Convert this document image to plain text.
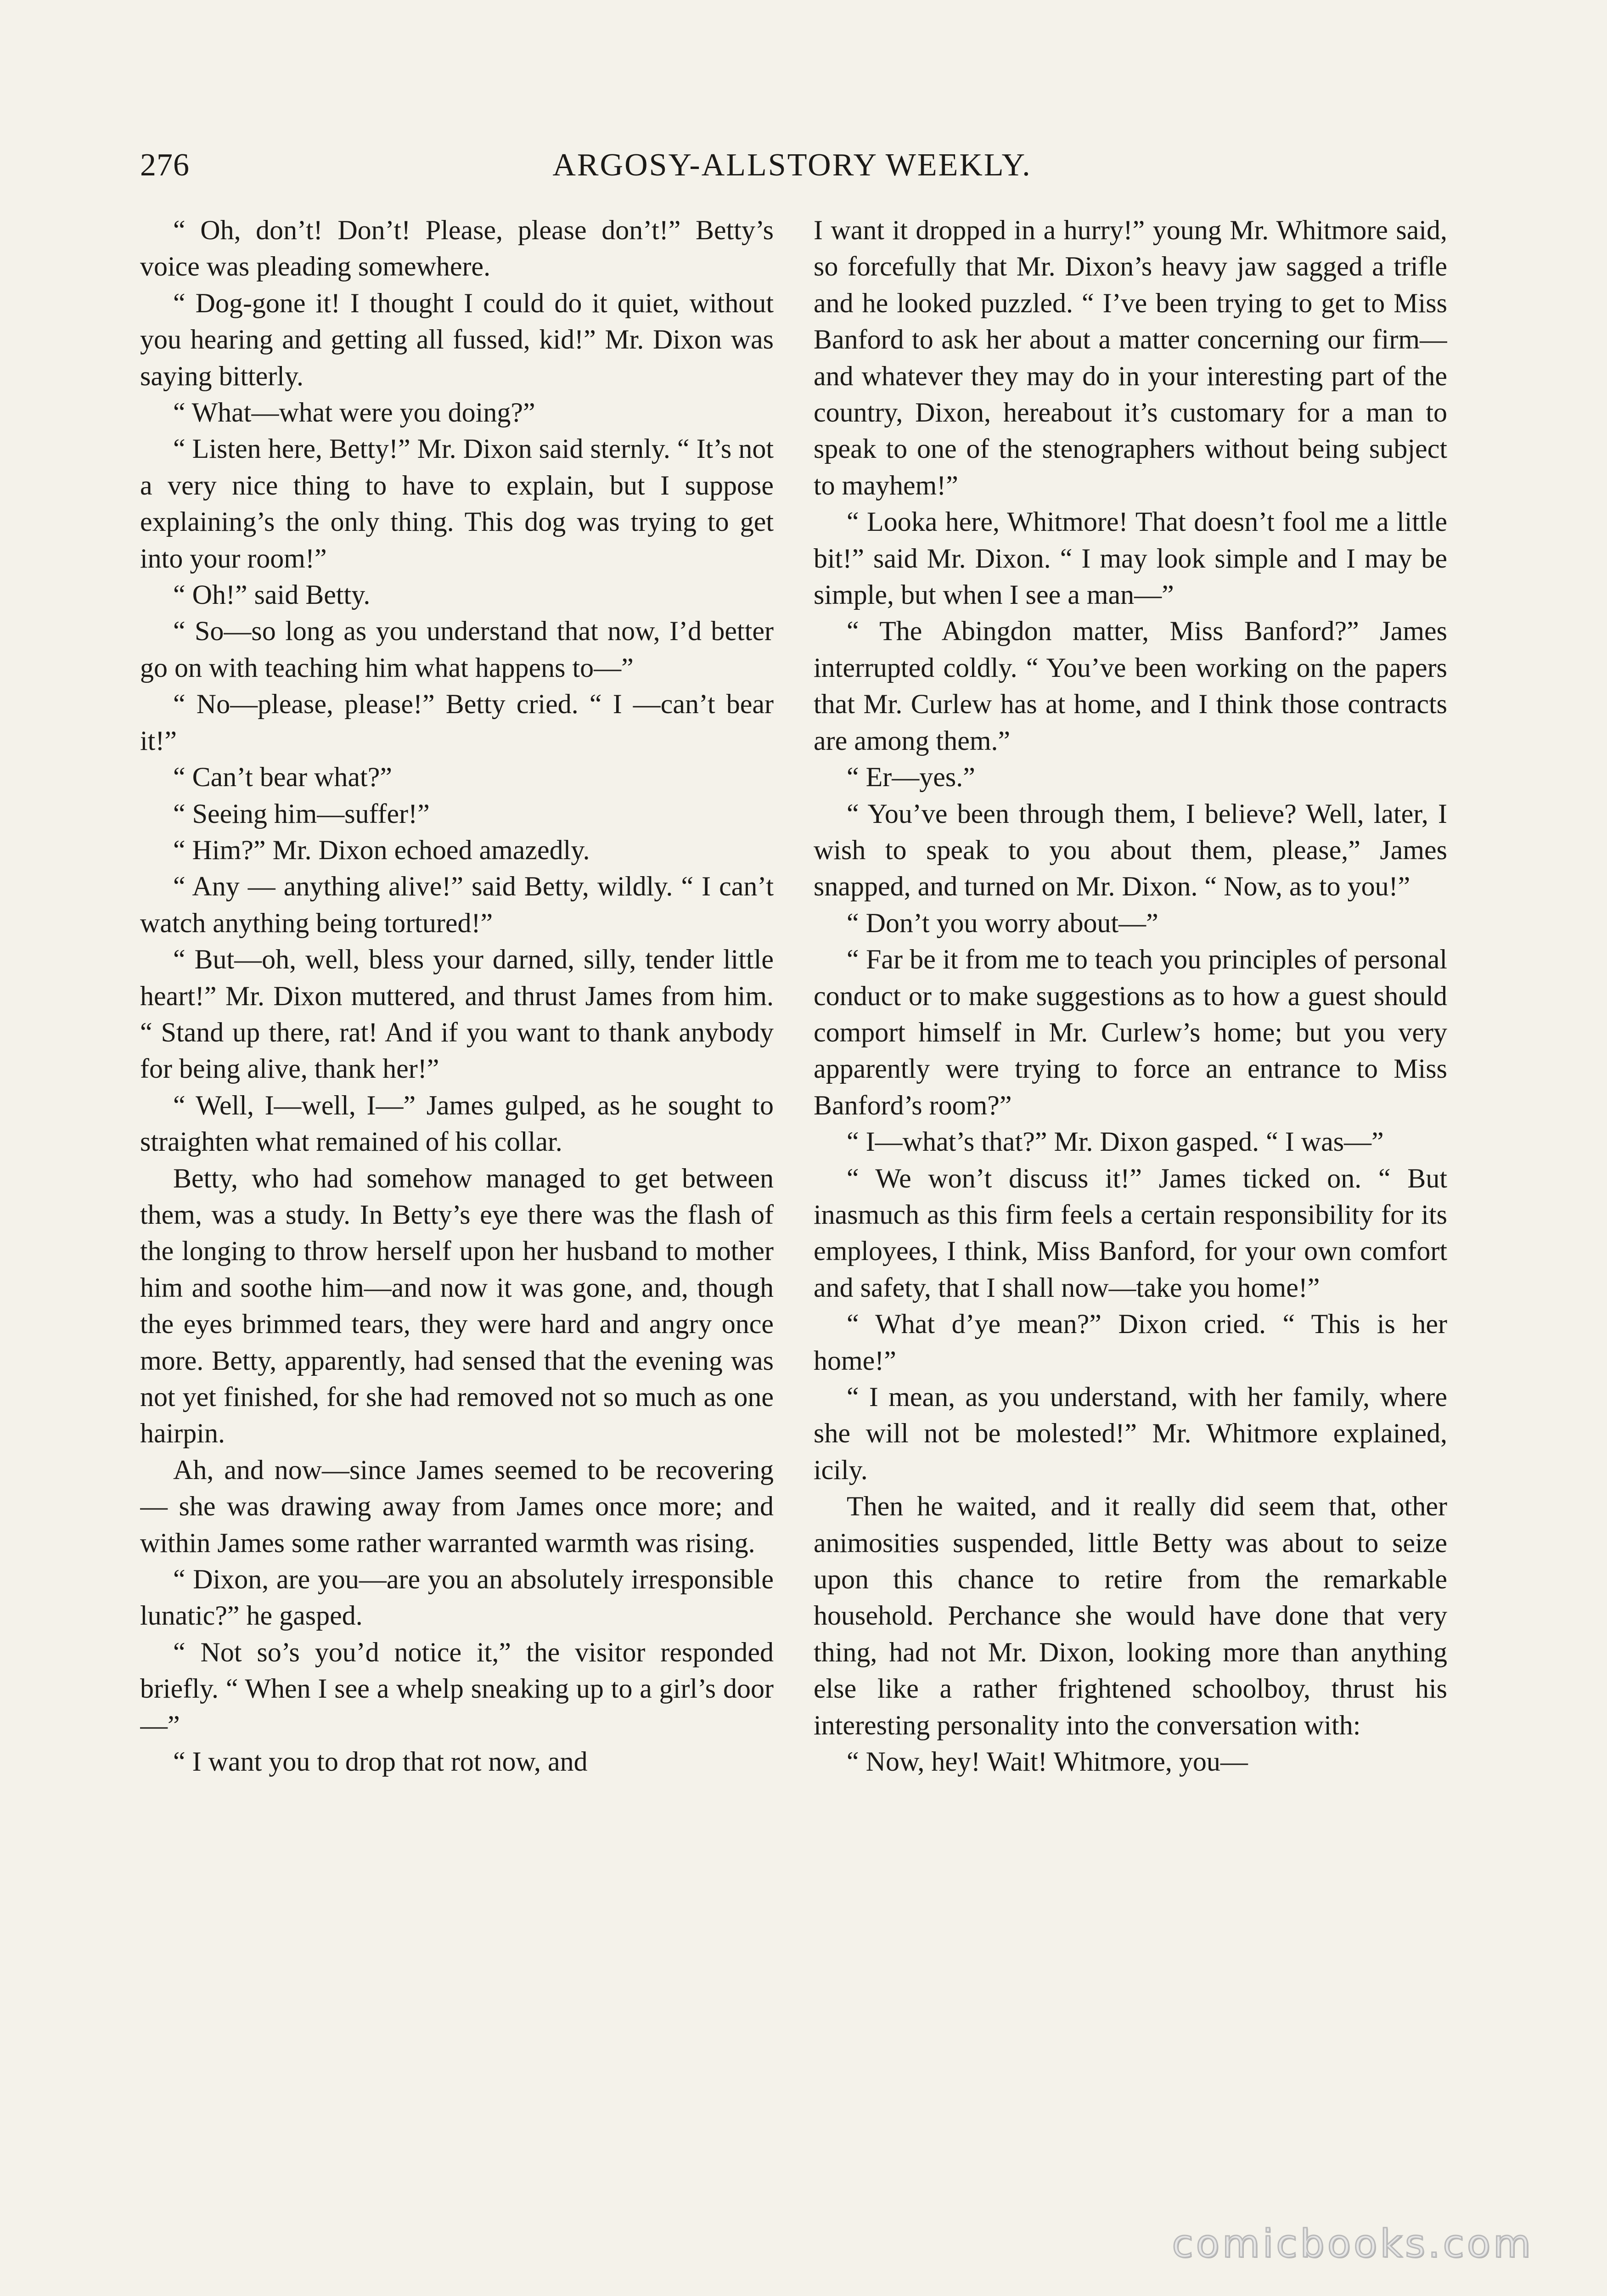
276	ARGOSY-ALLSTORY WEEKLY.

“ Oh, don’t! Don’t! Please, please don’t!” Betty’s voice was pleading somewhere.

“ Dog-gone it! I thought I could do it quiet, without you hearing and getting all fussed, kid!” Mr. Dixon was saying bitterly.

“ What—what were you doing?”

“ Listen here, Betty!” Mr. Dixon said sternly. “ It’s not a very nice thing to have to explain, but I suppose explaining’s the only thing. This dog was trying to get into your room!”

“ Oh!” said Betty.

“ So—so long as you understand that now, I’d better go on with teaching him what happens to—”

“ No—please, please!” Betty cried. “ I —can’t bear it!”

“ Can’t bear what?”

“ Seeing him—suffer!”

“ Him?” Mr. Dixon echoed amazedly.

“ Any — anything alive!” said Betty, wildly. “ I can’t watch anything being tortured!”

“ But—oh, well, bless your darned, silly, tender little heart!” Mr. Dixon muttered, and thrust James from him. “ Stand up there, rat! And if you want to thank anybody for being alive, thank her!”

“ Well, I—well, I—” James gulped, as he sought to straighten what remained of his collar.

Betty, who had somehow managed to get between them, was a study. In Betty’s eye there was the flash of the longing to throw herself upon her husband to mother him and soothe him—and now it was gone, and, though the eyes brimmed tears, they were hard and angry once more. Betty, apparently, had sensed that the evening was not yet finished, for she had removed not so much as one hairpin.

Ah, and now—since James seemed to be recovering — she was drawing away from James once more; and within James some rather warranted warmth was rising.

“ Dixon, are you—are you an absolutely irresponsible lunatic?” he gasped.

“ Not so’s you’d notice it,” the visitor responded briefly. “ When I see a whelp sneaking up to a girl’s door—”

“ I want you to drop that rot now, and

I want it dropped in a hurry!” young Mr. Whitmore said, so forcefully that Mr. Dixon’s heavy jaw sagged a trifle and he looked puzzled. “ I’ve been trying to get to Miss Banford to ask her about a matter concerning our firm—and whatever they may do in your interesting part of the country, Dixon, hereabout it’s customary for a man to speak to one of the stenographers without being subject to mayhem!”

“ Looka here, Whitmore! That doesn’t fool me a little bit!” said Mr. Dixon. “ I may look simple and I may be simple, but when I see a man—”

“ The Abingdon matter, Miss Banford?” James interrupted coldly. “ You’ve been working on the papers that Mr. Curlew has at home, and I think those contracts are among them.”

“ Er—yes.”

“ You’ve been through them, I believe? Well, later, I wish to speak to you about them, please,” James snapped, and turned on Mr. Dixon. “ Now, as to you!”

“ Don’t you worry about—”

“ Far be it from me to teach you principles of personal conduct or to make suggestions as to how a guest should comport himself in Mr. Curlew’s home; but you very apparently were trying to force an entrance to Miss Banford’s room?”

“ I—what’s that?” Mr. Dixon gasped. “ I was—”

“ We won’t discuss it!” James ticked on. “ But inasmuch as this firm feels a certain responsibility for its employees, I think, Miss Banford, for your own comfort and safety, that I shall now—take you home!”

“ What d’ye mean?” Dixon cried. “ This is her home!”

“ I mean, as you understand, with her family, where she will not be molested!” Mr. Whitmore explained, icily.

Then he waited, and it really did seem that, other animosities suspended, little Betty was about to seize upon this chance to retire from the remarkable household. Perchance she would have done that very thing, had not Mr. Dixon, looking more than anything else like a rather frightened schoolboy, thrust his interesting personality into the conversation with:

“ Now, hey! Wait! Whitmore, you—

comicbooks.com
